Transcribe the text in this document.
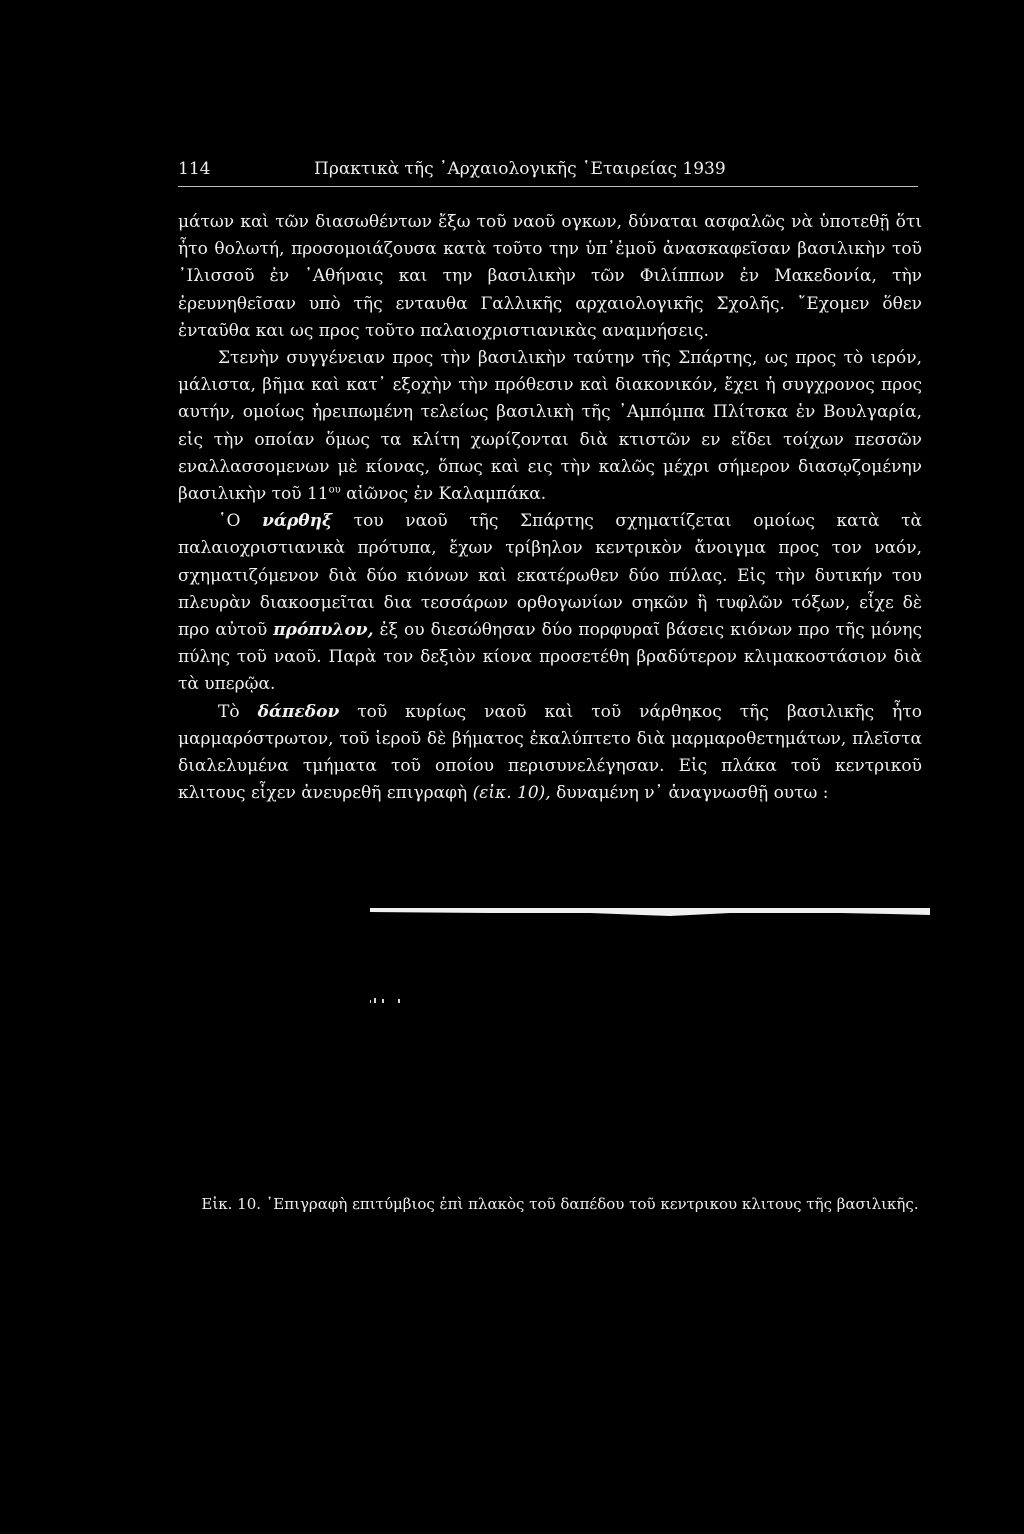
114	Πρακτικὰ τῆς ᾽Αρχαιολογικῆς ῾Εταιρείας 1939

μάτων καὶ τῶν διασωθέντων ἔξω τοῦ ναοῦ ογκων, δύναται ασφαλῶς νὰ ὑποτεθῇ ὅτι ἦτο θολωτή, προσομοιάζουσα κατὰ τοῦτο την ὑπ᾽ἐμοῦ ἀνασκαφεῖσαν βασιλικὴν τοῦ ᾽Ιλισσοῦ ἐν ᾽Αθήναις και την βασιλικὴν τῶν Φιλίππων ἐν Μακεδονία, τὴν ἐρευνηθεῖσαν υπὸ τῆς ενταυθα Γαλλικῆς αρχαιολογικῆς Σχολῆς. ῎Εχομεν ὅθεν ἐνταῦθα και ως προς τοῦτο παλαιοχριστιανικὰς αναμνήσεις.

Στενὴν συγγένειαν προς τὴν βασιλικὴν ταύτην τῆς Σπάρτης, ως προς τὸ ιερόν, μάλιστα, βῆμα καὶ κατ᾽ εξοχὴν τὴν πρόθεσιν καὶ διακονικόν, ἔχει ἡ συγχρονος προς αυτήν, ομοίως ἠρειπωμένη τελείως βασιλικὴ τῆς ᾽Αμπόμπα Πλίτσκα ἐν Βουλγαρία, εἰς τὴν οποίαν ὅμως τα κλίτη χωρίζονται διὰ κτιστῶν εν εἴδει τοίχων πεσσῶν εναλλασσομενων μὲ κίονας, ὅπως καὶ εις τὴν καλῶς μέχρι σήμερον διασῳζομένην βασιλικὴν τοῦ $11^{o\upsilon}$ αἰῶνος ἐν Καλαμπάκα.

῾Ο νάρθηξ του ναοῦ τῆς Σπάρτης σχηματίζεται ομοίως κατὰ τὰ παλαιοχριστιανικὰ πρότυπα, ἔχων τρίβηλον κεντρικὸν ἄνοιγμα προς τον ναόν, σχηματιζόμενον διὰ δύο κιόνων καὶ εκατέρωθεν δύο πύλας. Εἰς τὴν δυτικήν του πλευρὰν διακοσμεῖται δια τεσσάρων ορθογωνίων σηκῶν ἢ τυφλῶν τόξων, εἶχε δὲ προ αὐτοῦ πρόπυλον, ἐξ ου διεσώθησαν δύο πορφυραῖ βάσεις κιόνων προ τῆς μόνης πύλης τοῦ ναοῦ. Παρὰ τον δεξιὸν κίονα προσετέθη βραδύτερον κλιμακοστάσιον διὰ τὰ υπερῷα.

Τὸ δάπεδον τοῦ κυρίως ναοῦ καὶ τοῦ νάρθηκος τῆς βασιλικῆς ἦτο μαρμαρόστρωτον, τοῦ ἱεροῦ δὲ βήματος ἐκαλύπτετο διὰ μαρμαροθετημάτων, πλεῖστα διαλελυμένα τμήματα τοῦ οποίου περισυνελέγησαν. Εἰς πλάκα τοῦ κεντρικοῦ κλιτους εἶχεν ἀνευρεθῆ επιγραφὴ (εἰκ. 10), δυναμένη ν᾽ ἀναγνωσθῇ ουτω :

Εἰκ. 10. ᾽Επιγραφὴ επιτύμβιος ἐπὶ πλακὸς τοῦ δαπέδου τοῦ κεντρικου κλιτους τῆς βασιλικῆς.
